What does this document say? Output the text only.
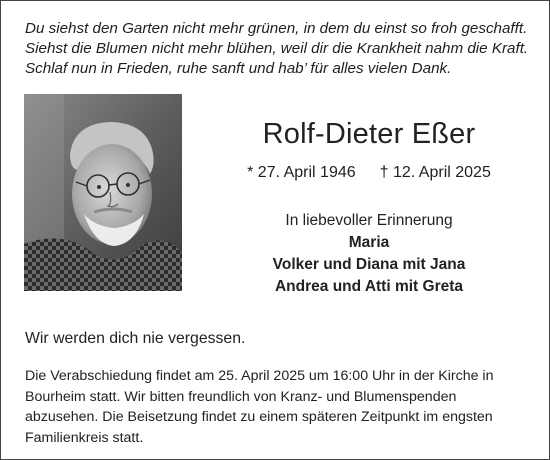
Du siehst den Garten nicht mehr grünen, in dem du einst so froh geschafft.
Siehst die Blumen nicht mehr blühen, weil dir die Krankheit nahm die Kraft.
Schlaf nun in Frieden, ruhe sanft und hab’ für alles vielen Dank.
Rolf-Dieter Eßer
* 27. April 1946 † 12. April 2025
In liebevoller Erinnerung
Maria
Volker und Diana mit Jana
Andrea und Atti mit Greta
Wir werden dich nie vergessen.
Die Verabschiedung findet am 25. April 2025 um 16:00 Uhr in der Kirche in
Bourheim statt. Wir bitten freundlich von Kranz- und Blumenspenden
abzusehen. Die Beisetzung findet zu einem späteren Zeitpunkt im engsten
Familienkreis statt.
